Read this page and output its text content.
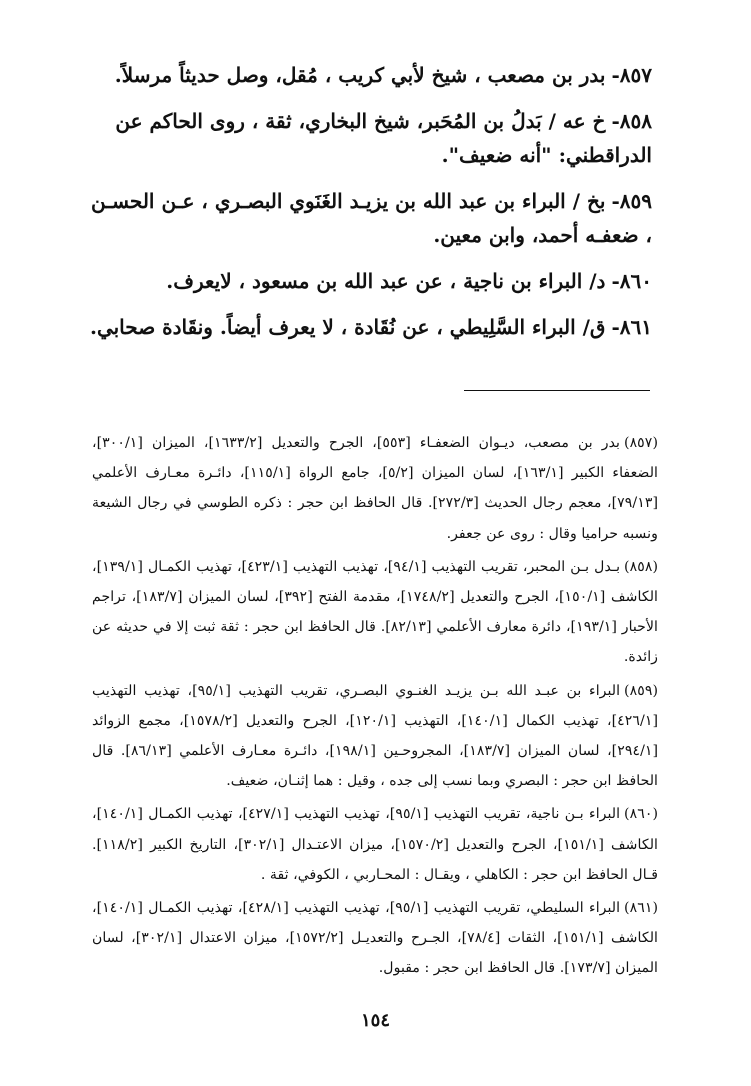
٨٥٧-بدر بن مصعب ، شيخ لأبي كريب ، مُقل، وصل حديثاً مرسلاً.

٨٥٨-خ عه / بَدلُ بن المُحَبر، شيخ البخاري، ثقة ، روى الحاكم عن الدراقطني: "أنه ضعيف".

٨٥٩-بخ / البراء بن عبد الله بن يزيـد الغَنَوي البصـري ، عـن الحسـن ، ضعفـه أحمد، وابن معين.

٨٦٠-د/ البراء بن ناجية ، عن عبد الله بن مسعود ، لايعرف.

٨٦١-ق/ البراء السَّلِيطي ، عن نُقَادة ، لا يعرف أيضاً. ونقَادة صحابي.

(٨٥٧)بدر بن مصعب، ديـوان الضعفـاء [٥٥٣]، الجرح والتعديل [١٦٣٣/٢]، الميزان [٣٠٠/١]، الضعفاء الكبير [١٦٣/١]، لسان الميزان [٥/٢]، جامع الرواة [١١٥/١]، دائـرة معـارف الأعلمي [٧٩/١٣]، معجم رجال الحديث [٢٧٢/٣]. قال الحافظ ابن حجر : ذكره الطوسي في رجال الشيعة ونسبه حراميا وقال : روى عن جعفر.

(٨٥٨)بـدل بـن المحبر، تقريب التهذيب [٩٤/١]، تهذيب التهذيب [٤٢٣/١]، تهذيب الكمـال [١٣٩/١]، الكاشف [١٥٠/١]، الجرح والتعديل [١٧٤٨/٢]، مقدمة الفتح [٣٩٢]، لسان الميزان [١٨٣/٧]، تراجم الأحبار [١٩٣/١]، دائرة معارف الأعلمي [٨٢/١٣]. قال الحافظ ابن حجر : ثقة ثبت إلا في حديثه عن زائدة.

(٨٥٩)البراء بن عبـد الله بـن يزيـد الغنـوي البصـري، تقريب التهذيب [٩٥/١]، تهذيب التهذيب [٤٢٦/١]، تهذيب الكمال [١٤٠/١]، التهذيب [١٢٠/١]، الجرح والتعديل [١٥٧٨/٢]، مجمع الزوائد [٢٩٤/١]، لسان الميزان [١٨٣/٧]، المجروحـين [١٩٨/١]، دائـرة معـارف الأعلمي [٨٦/١٣]. قال الحافظ ابن حجر : البصري وبما نسب إلى جده ، وقيل : هما إثنـان، ضعيف.

(٨٦٠)البراء بـن ناجية، تقريب التهذيب [٩٥/١]، تهذيب التهذيب [٤٢٧/١]، تهذيب الكمـال [١٤٠/١]، الكاشف [١٥١/١]، الجرح والتعديل [١٥٧٠/٢]، ميزان الاعتـدال [٣٠٢/١]، التاريخ الكبير [١١٨/٢]. قـال الحافظ ابن حجر : الكاهلي ، ويقـال : المحـاربي ، الكوفي، ثقة .

(٨٦١)البراء السليطي، تقريب التهذيب [٩٥/١]، تهذيب التهذيب [٤٢٨/١]، تهذيب الكمـال [١٤٠/١]، الكاشف [١٥١/١]، الثقات [٧٨/٤]، الجـرح والتعديـل [١٥٧٢/٢]، ميزان الاعتدال [٣٠٢/١]، لسان الميزان [١٧٣/٧]. قال الحافظ ابن حجر : مقبول.

١٥٤
